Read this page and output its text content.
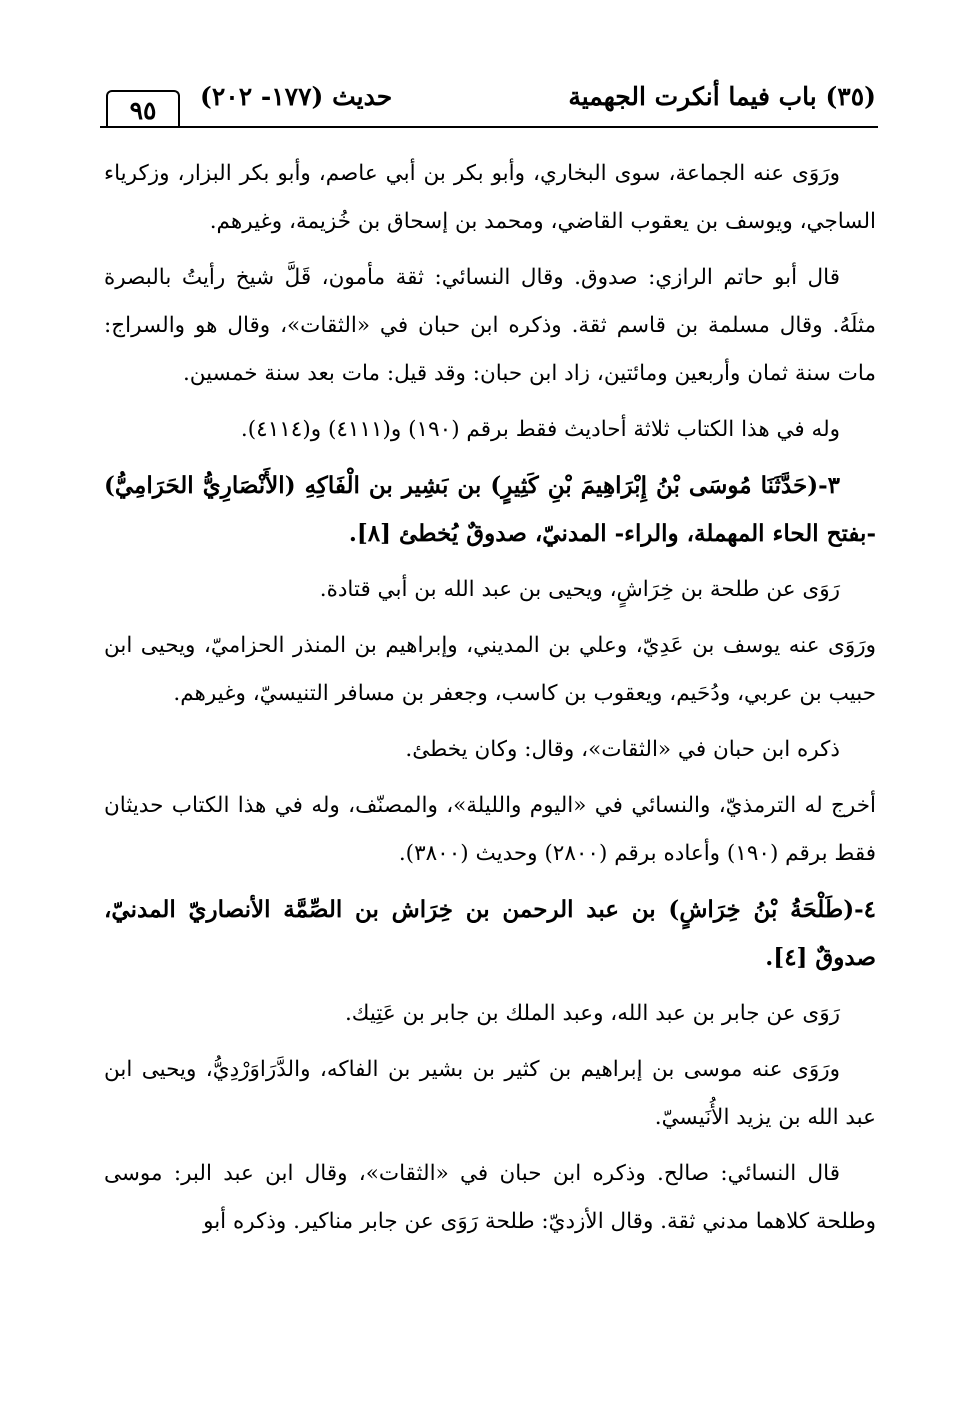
٩٥	حديث (١٧٧- ٢٠٢)	(٣٥) باب فيما أنكرت الجهمية

ورَوَى عنه الجماعة، سوى البخاري، وأبو بكر بن أبي عاصم، وأبو بكر البزار، وزكرياء الساجي، ويوسف بن يعقوب القاضي، ومحمد بن إسحاق بن خُزيمة، وغيرهم.

قال أبو حاتم الرازي: صدوق. وقال النسائي: ثقة مأمون، قَلَّ شيخ رأيتُ بالبصرة مثلَهُ. وقال مسلمة بن قاسم ثقة. وذكره ابن حبان في «الثقات»، وقال هو والسراج: مات سنة ثمان وأربعين ومائتين، زاد ابن حبان: وقد قيل: مات بعد سنة خمسين.

وله في هذا الكتاب ثلاثة أحاديث فقط برقم (١٩٠) و(٤١١١) و(٤١١٤).

٣-(حَدَّثَنَا مُوسَى بْنُ إِبْرَاهِيمَ بْنِ كَثِيرٍ) بن بَشِير بن الْفَاكِهِ (الأَنْصَارِيُّ الحَرَامِيُّ) -بفتح الحاء المهملة، والراء- المدنيّ، صدوقٌ يُخطئ [٨].

رَوَى عن طلحة بن خِرَاشٍ، ويحيى بن عبد الله بن أبي قتادة.

ورَوَى عنه يوسف بن عَدِيّ، وعلي بن المديني، وإبراهيم بن المنذر الحزاميّ، ويحيى ابن حبيب بن عربي، ودُحَيم، ويعقوب بن كاسب، وجعفر بن مسافر التنيسيّ، وغيرهم.

ذكره ابن حبان في «الثقات»، وقال: وكان يخطئ.

أخرج له الترمذيّ، والنسائي في «اليوم والليلة»، والمصنّف، وله في هذا الكتاب حديثان فقط برقم (١٩٠) وأعاده برقم (٢٨٠٠) وحديث (٣٨٠٠).

٤-(طَلْحَةُ بْنُ خِرَاشٍ) بن عبد الرحمن بن خِرَاش بن الصِّمَّة الأنصاريّ المدنيّ، صدوقٌ [٤].

رَوَى عن جابر بن عبد الله، وعبد الملك بن جابر بن عَتِيك.

ورَوَى عنه موسى بن إبراهيم بن كثير بن بشير بن الفاكه، والدَّرَاوَرْدِيُّ، ويحيى ابن عبد الله بن يزيد الأُنَيسيّ.

قال النسائي: صالح. وذكره ابن حبان في «الثقات»، وقال ابن عبد البر: موسى وطلحة كلاهما مدني ثقة. وقال الأزديّ: طلحة رَوَى عن جابر مناكير. وذكره أبو
